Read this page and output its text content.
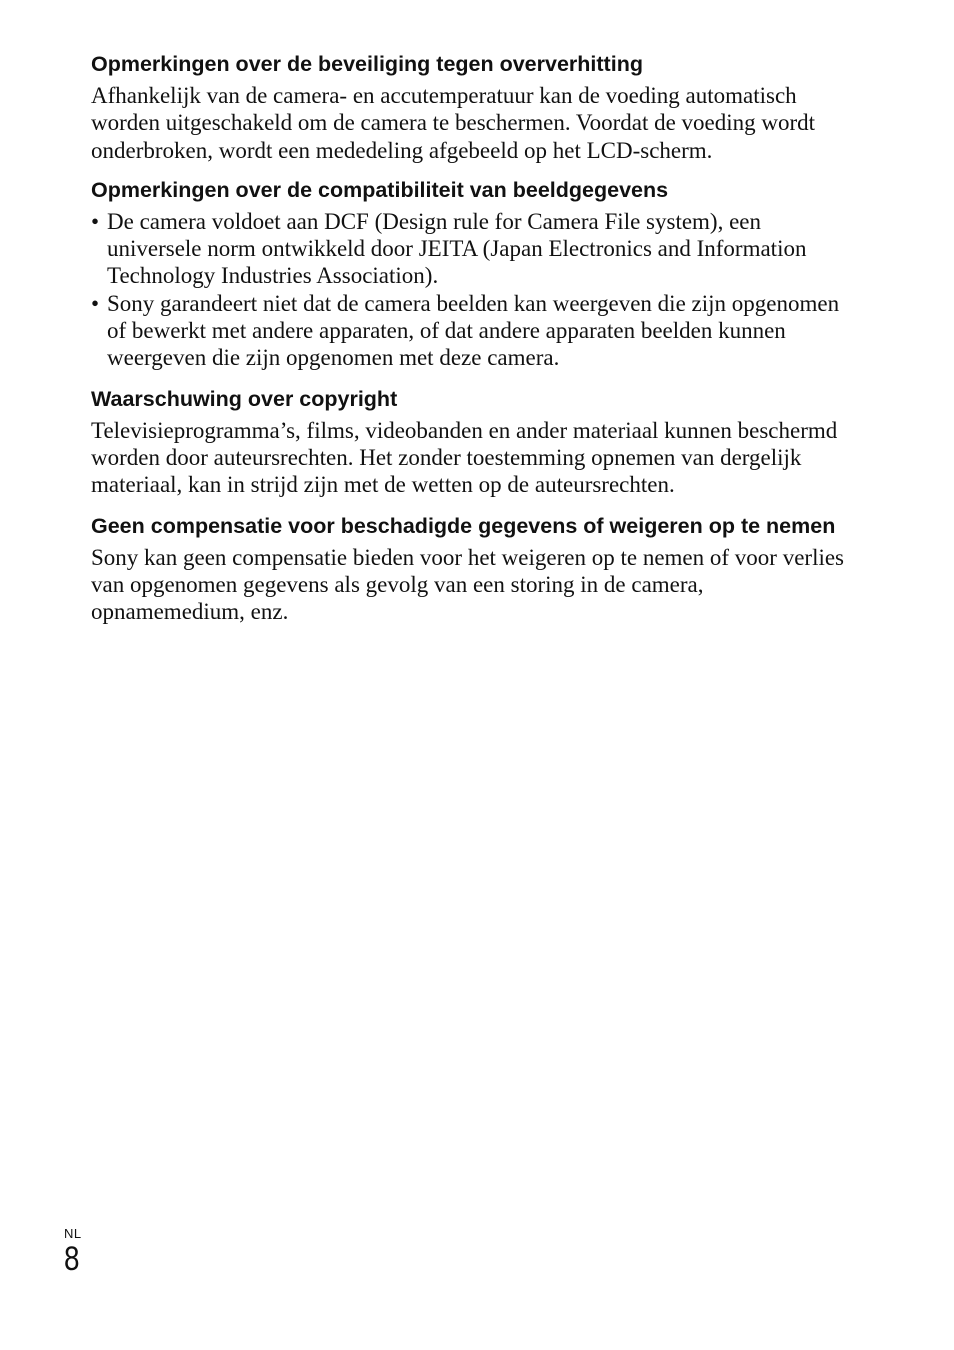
Opmerkingen over de beveiliging tegen oververhitting

Afhankelijk van de camera- en accutemperatuur kan de voeding automatisch worden uitgeschakeld om de camera te beschermen. Voordat de voeding wordt onderbroken, wordt een mededeling afgebeeld op het LCD-scherm.

Opmerkingen over de compatibiliteit van beeldgegevens
• De camera voldoet aan DCF (Design rule for Camera File system), een universele norm ontwikkeld door JEITA (Japan Electronics and Information Technology Industries Association).
• Sony garandeert niet dat de camera beelden kan weergeven die zijn opgenomen of bewerkt met andere apparaten, of dat andere apparaten beelden kunnen weergeven die zijn opgenomen met deze camera.
Waarschuwing over copyright

Televisieprogramma’s, films, videobanden en ander materiaal kunnen beschermd worden door auteursrechten. Het zonder toestemming opnemen van dergelijk materiaal, kan in strijd zijn met de wetten op de auteursrechten.

Geen compensatie voor beschadigde gegevens of weigeren op te nemen

Sony kan geen compensatie bieden voor het weigeren op te nemen of voor verlies van opgenomen gegevens als gevolg van een storing in de camera, opnamemedium, enz.

NL
8
